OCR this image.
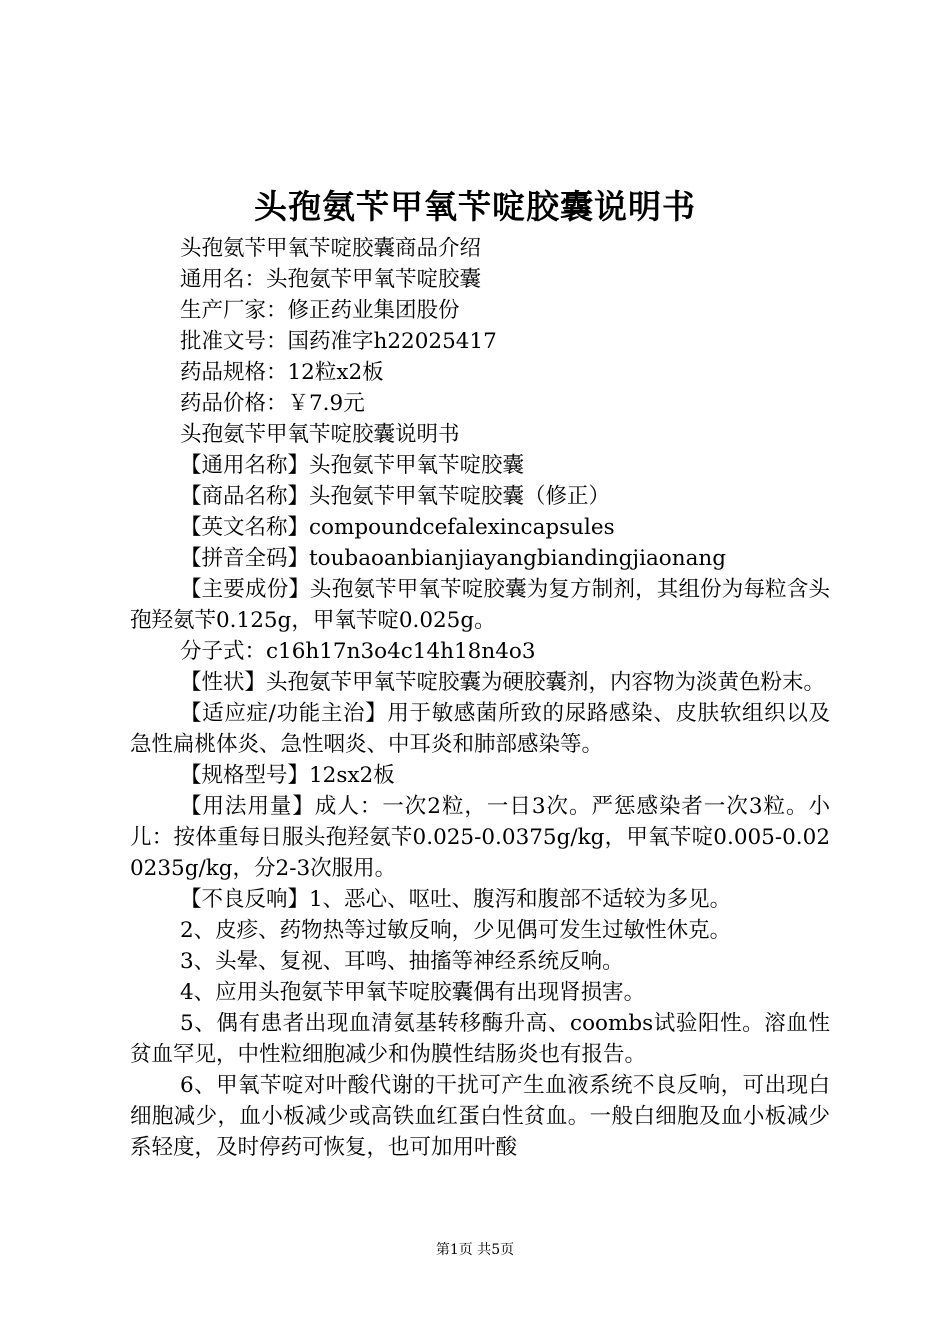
头孢氨苄甲氧苄啶胶囊说明书

头孢氨苄甲氧苄啶胶囊商品介绍

通用名：头孢氨苄甲氧苄啶胶囊

生产厂家：修正药业集团股份

批准文号：国药准字h22025417

药品规格：12粒x2板

药品价格：￥7.9元

头孢氨苄甲氧苄啶胶囊说明书

【通用名称】头孢氨苄甲氧苄啶胶囊

【商品名称】头孢氨苄甲氧苄啶胶囊（修正）

【英文名称】compoundcefalexincapsules

【拼音全码】toubaoanbianjiayangbiandingjiaonang

【主要成份】头孢氨苄甲氧苄啶胶囊为复方制剂，其组份为每粒含头孢羟氨苄0.125g，甲氧苄啶0.025g。

分子式：c16h17n3o4c14h18n4o3

【性状】头孢氨苄甲氧苄啶胶囊为硬胶囊剂，内容物为淡黄色粉末。

【适应症/功能主治】用于敏感菌所致的尿路感染、皮肤软组织以及急性扁桃体炎、急性咽炎、中耳炎和肺部感染等。

【规格型号】12sx2板

【用法用量】成人：一次2粒，一日3次。严惩感染者一次3粒。小儿：按体重每日服头孢羟氨苄0.025-0.0375g/kg，甲氧苄啶0.005-0.020235g/kg，分2-3次服用。

【不良反响】1、恶心、呕吐、腹泻和腹部不适较为多见。

2、皮疹、药物热等过敏反响，少见偶可发生过敏性休克。

3、头晕、复视、耳鸣、抽搐等神经系统反响。

4、应用头孢氨苄甲氧苄啶胶囊偶有出现肾损害。

5、偶有患者出现血清氨基转移酶升高、coombs试验阳性。溶血性贫血罕见，中性粒细胞减少和伪膜性结肠炎也有报告。

6、甲氧苄啶对叶酸代谢的干扰可产生血液系统不良反响，可出现白细胞减少，血小板减少或高铁血红蛋白性贫血。一般白细胞及血小板减少系轻度，及时停药可恢复，也可加用叶酸

第1页 共5页
